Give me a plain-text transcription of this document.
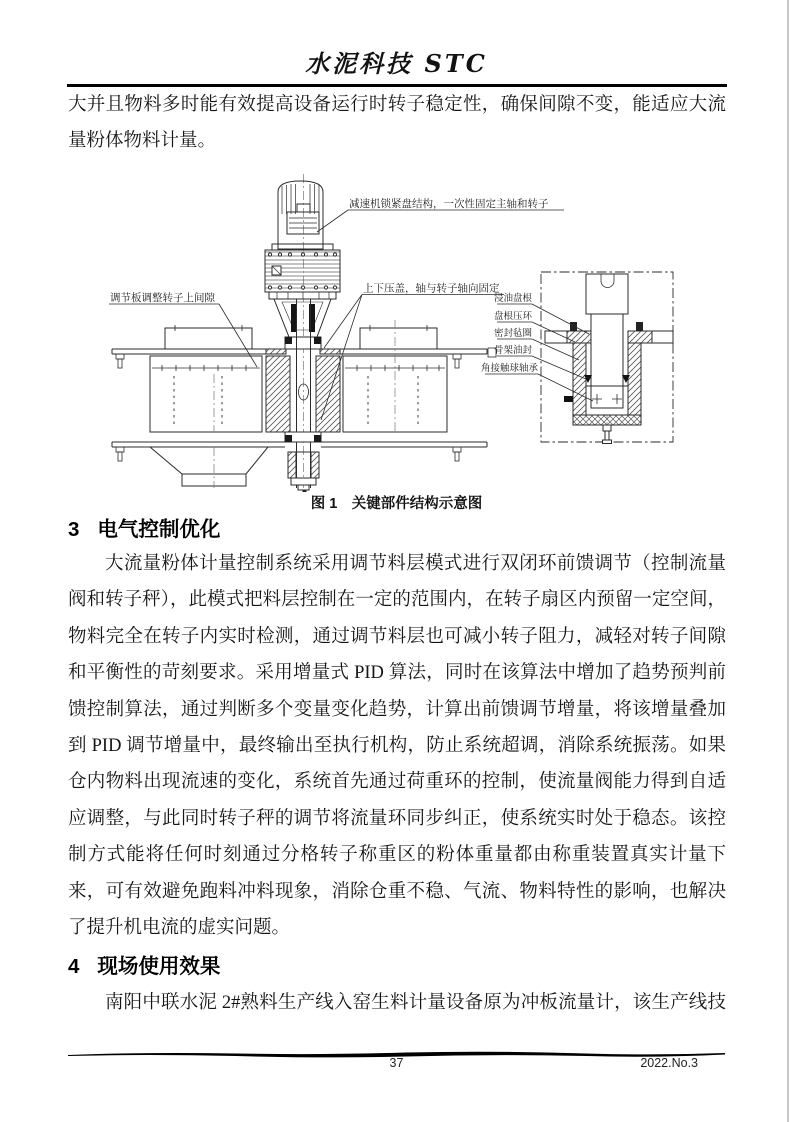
水泥科技 STC
大并且物料多时能有效提高设备运行时转子稳定性，确保间隙不变，能适应大流
量粉体物料计量。
减速机锁紧盘结构，一次性固定主轴和转子
上下压盖，轴与转子轴向固定
调节板调整转子上间隙	浸油盘根
盘根压环
密封毡圈
骨架油封
角接触球轴承
图 1　关键部件结构示意图
3 电气控制优化
大流量粉体计量控制系统采用调节料层模式进行双闭环前馈调节（控制流量
阀和转子秤），此模式把料层控制在一定的范围内，在转子扇区内预留一定空间，
物料完全在转子内实时检测，通过调节料层也可减小转子阻力，减轻对转子间隙
和平衡性的苛刻要求。采用增量式 PID 算法，同时在该算法中增加了趋势预判前
馈控制算法，通过判断多个变量变化趋势，计算出前馈调节增量，将该增量叠加
到 PID 调节增量中，最终输出至执行机构，防止系统超调，消除系统振荡。如果
仓内物料出现流速的变化，系统首先通过荷重环的控制，使流量阀能力得到自适
应调整，与此同时转子秤的调节将流量环同步纠正，使系统实时处于稳态。该控
制方式能将任何时刻通过分格转子称重区的粉体重量都由称重装置真实计量下
来，可有效避免跑料冲料现象，消除仓重不稳、气流、物料特性的影响，也解决
了提升机电流的虚实问题。
4 现场使用效果
南阳中联水泥 2#熟料生产线入窑生料计量设备原为冲板流量计，该生产线技
37	2022.No.3
